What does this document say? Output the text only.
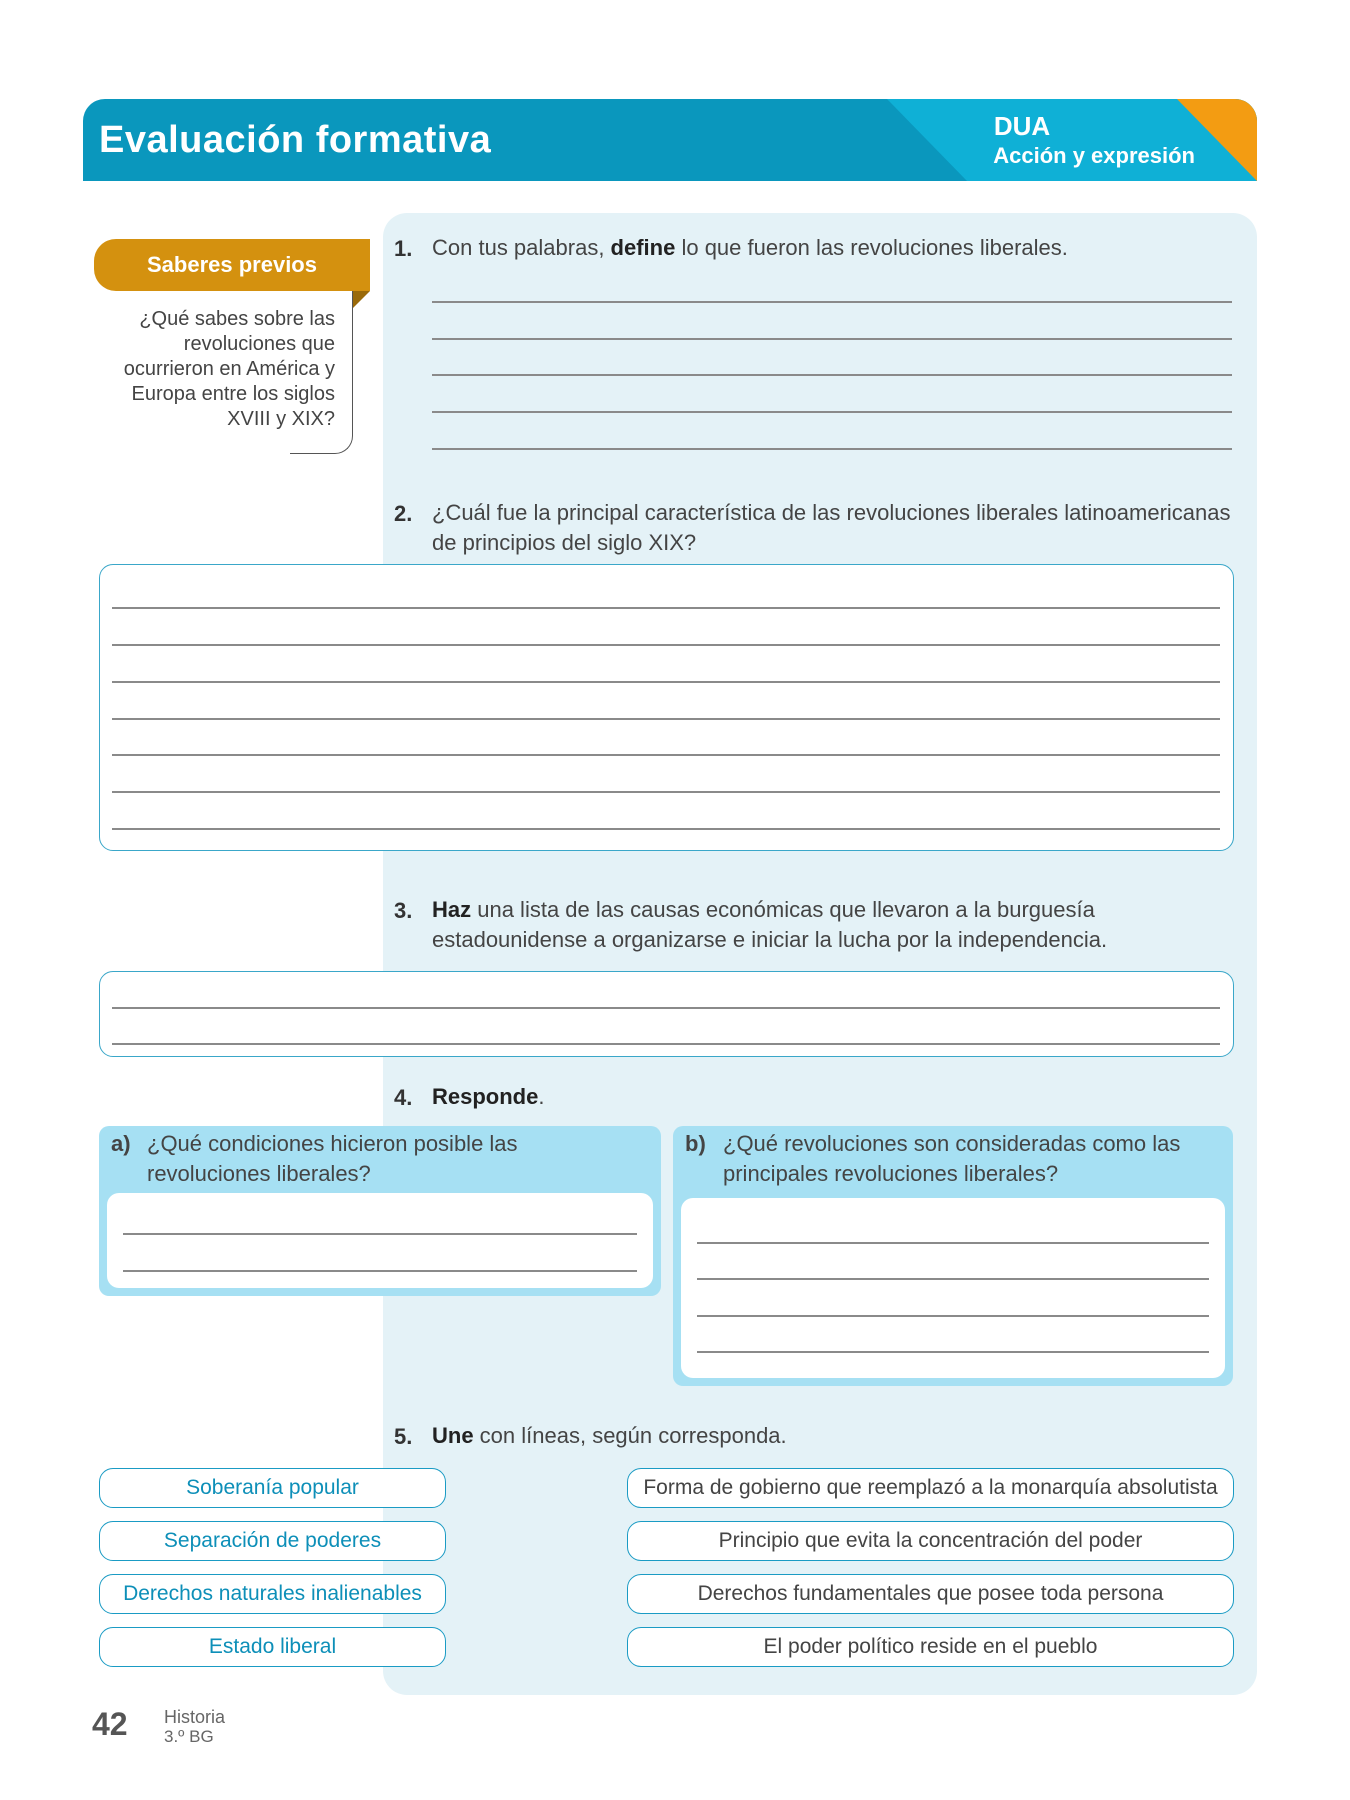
Evaluación formativa	DUA
Acción y expresión
Saberes previos
¿Qué sabes sobre las revoluciones que ocurrieron en América y Europa entre los siglos XVIII y XIX?
1. Con tus palabras, define lo que fueron las revoluciones liberales.
2. ¿Cuál fue la principal característica de las revoluciones liberales latinoamericanas de principios del siglo XIX?
3. Haz una lista de las causas económicas que llevaron a la burguesía estadounidense a organizarse e iniciar la lucha por la independencia.
4. Responde.
a) ¿Qué condiciones hicieron posible las revoluciones liberales?
b) ¿Qué revoluciones son consideradas como las principales revoluciones liberales?
5. Une con líneas, según corresponda.
Soberanía popular
Separación de poderes
Derechos naturales inalienables
Estado liberal
Forma de gobierno que reemplazó a la monarquía absolutista
Principio que evita la concentración del poder
Derechos fundamentales que posee toda persona
El poder político reside en el pueblo
42 Historia
3.º BG
